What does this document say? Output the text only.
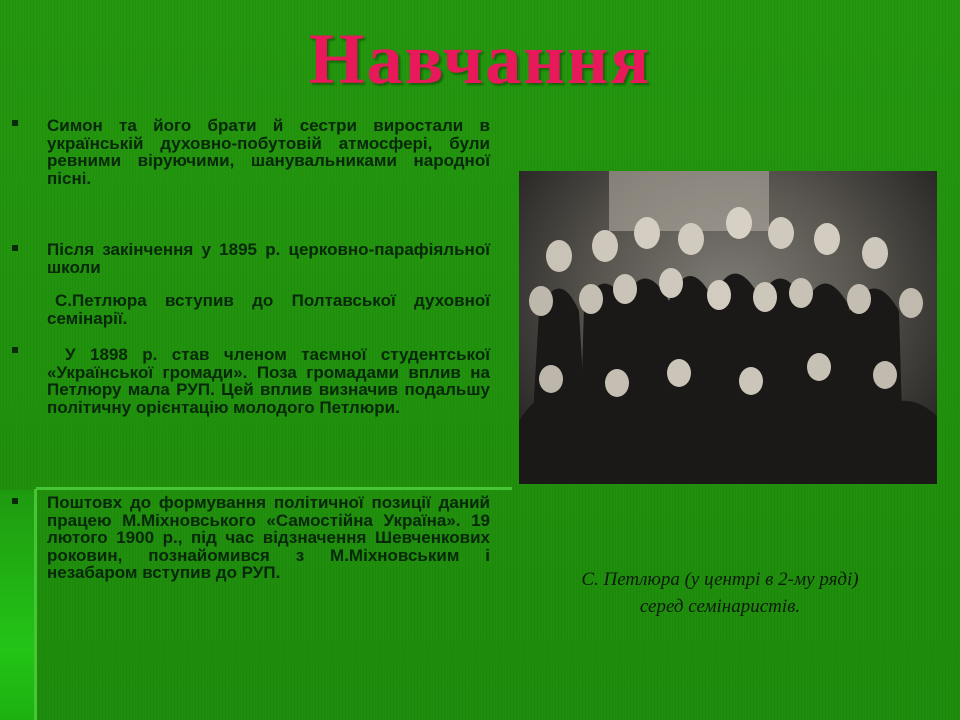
Навчання
Симон та його брати й сестри виростали в українській духовно-побутовій атмосфері, були ревними віруючими, шанувальниками народної пісні.
Після закінчення у 1895 р. церковно-парафіяльної школи
С.Петлюра вступив до Полтавської духовної семінарії.
У 1898 р. став членом таємної студентської «Української громади». Поза громадами вплив на Петлюру мала РУП. Цей вплив визначив подальшу політичну орієнтацію молодого Петлюри.
Поштовх до формування політичної позиції даний працею М.Міхновського «Самостійна Україна». 19 лютого 1900 р., під час відзначення Шевченкових роковин, познайомився з М.Міхновським і незабаром вступив до РУП.	С. Петлюра (у центрі в 2-му ряді)
серед семінаристів.
